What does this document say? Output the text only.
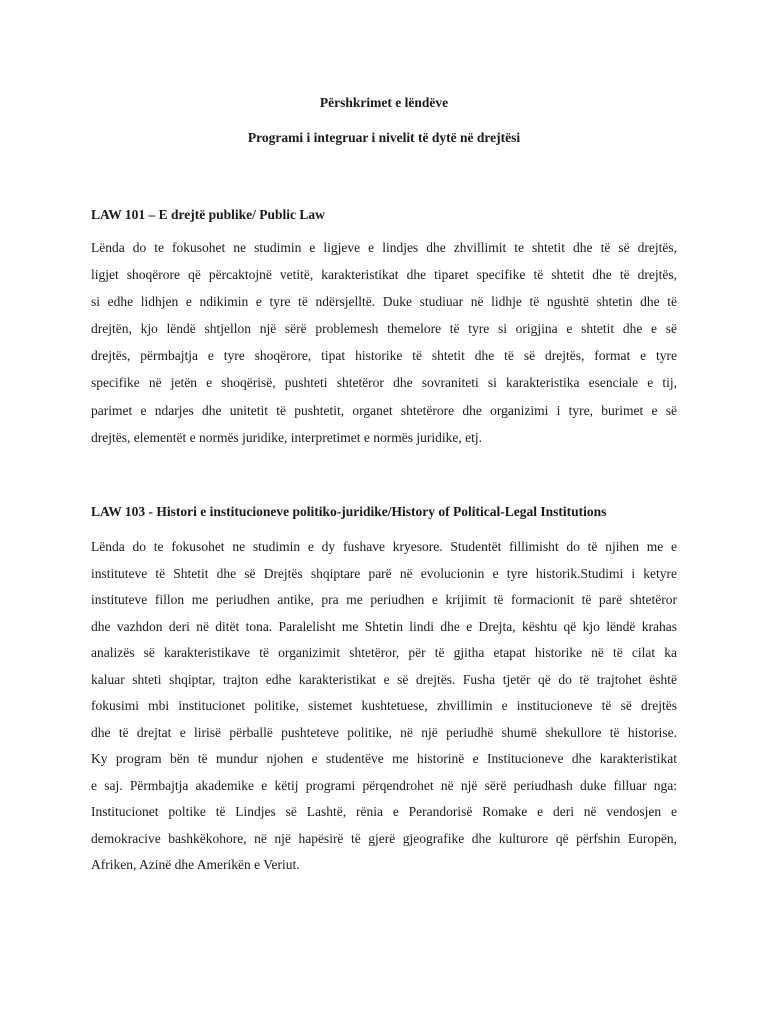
Përshkrimet e lëndëve
Programi i integruar i nivelit të dytë në drejtësi
LAW 101 – E drejtë publike/ Public Law
Lënda do te fokusohet ne studimin e ligjeve e lindjes dhe zhvillimit te shtetit dhe të së drejtës,
ligjet shoqërore që përcaktojnë vetitë, karakteristikat dhe tiparet specifike të shtetit dhe të drejtës,
si edhe lidhjen e ndikimin e tyre të ndërsjelltë. Duke studiuar në lidhje të ngushtë shtetin dhe të
drejtën, kjo lëndë shtjellon një sërë problemesh themelore të tyre si origjina e shtetit dhe e së
drejtës, përmbajtja e tyre shoqërore, tipat historike të shtetit dhe të së drejtës, format e tyre
specifike në jetën e shoqërisë, pushteti shtetëror dhe sovraniteti si karakteristika esenciale e tij,
parimet e ndarjes dhe unitetit të pushtetit, organet shtetërore dhe organizimi i tyre, burimet e së
drejtës, elementët e normës juridike, interpretimet e normës juridike, etj.
LAW 103 - Histori e institucioneve politiko-juridike/History of Political-Legal Institutions
Lënda do te fokusohet ne studimin e dy fushave kryesore. Studentët fillimisht do të njihen me e
instituteve të Shtetit dhe së Drejtës shqiptare parë në evolucionin e tyre historik.Studimi i ketyre
instituteve fillon me periudhen antike, pra me periudhen e krijimit të formacionit të parë shtetëror
dhe vazhdon deri në ditët tona. Paralelisht me Shtetin lindi dhe e Drejta, kështu që kjo lëndë krahas
analizës së karakteristikave të organizimit shtetëror, për të gjitha etapat historike në të cilat ka
kaluar shteti shqiptar, trajton edhe karakteristikat e së drejtës. Fusha tjetër që do të trajtohet është
fokusimi mbi institucionet politike, sistemet kushtetuese, zhvillimin e institucioneve të së drejtës
dhe të drejtat e lirisë përballë pushteteve politike, në një periudhë shumë shekullore të historise.
Ky program bën të mundur njohen e studentëve me historinë e Institucioneve dhe karakteristikat
e saj. Përmbajtja akademike e këtij programi përqendrohet në një sërë periudhash duke filluar nga:
Institucionet poltike të Lindjes së Lashtë, rënia e Perandorisë Romake e deri në vendosjen e
demokracive bashkëkohore, në një hapësirë të gjerë gjeografike dhe kulturore që përfshin Europën,
Afriken, Azinë dhe Amerikën e Veriut.
